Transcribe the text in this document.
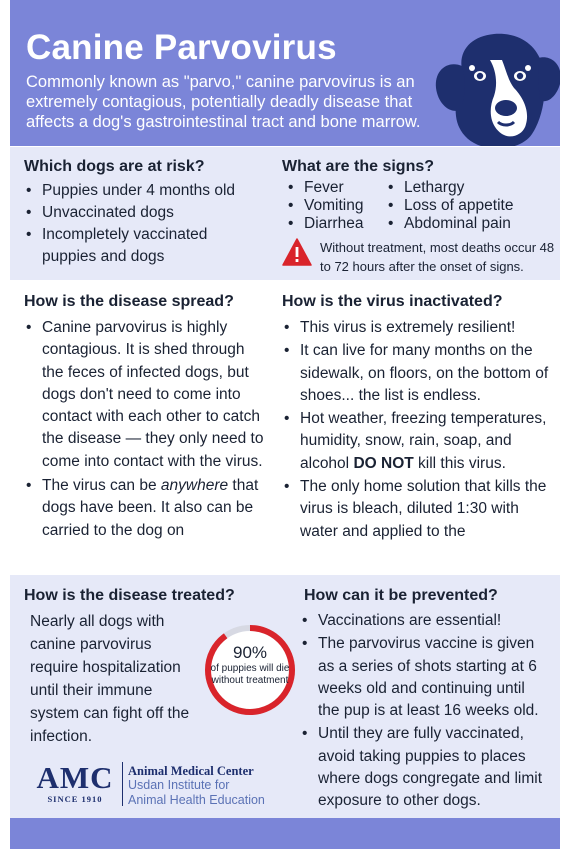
Canine Parvovirus

Commonly known as "parvo," canine parvovirus is an extremely contagious, potentially deadly disease that affects a dog's gastrointestinal tract and bone marrow.

Which dogs are at risk?
• Puppies under 4 months old
• Unvaccinated dogs
• Incompletely vaccinated puppies and dogs
What are the signs?
• Fever
• Vomiting
• Diarrhea
• Lethargy
• Loss of appetite
• Abdominal pain
Without treatment, most deaths occur 48 to 72 hours after the onset of signs.
How is the disease spread?
• Canine parvovirus is highly contagious. It is shed through the feces of infected dogs, but dogs don't need to come into contact with each other to catch the disease — they only need to come into contact with the virus.
• The virus can be anywhere that dogs have been. It also can be carried to the dog on
How is the virus inactivated?
• This virus is extremely resilient!
• It can live for many months on the sidewalk, on floors, on the bottom of shoes... the list is endless.
• Hot weather, freezing temperatures, humidity, snow, rain, soap, and alcohol DO NOT kill this virus.
• The only home solution that kills the virus is bleach, diluted 1:30 with water and applied to the
How is the disease treated?
Nearly all dogs with canine parvovirus require hospitalization until their immune system can fight off the infection.
90%
of puppies will die without treatment
How can it be prevented?
• Vaccinations are essential!
• The parvovirus vaccine is given as a series of shots starting at 6 weeks old and continuing until the pup is at least 16 weeks old.
• Until they are fully vaccinated, avoid taking puppies to places where dogs congregate and limit exposure to other dogs.
AMC
SINCE 1910
Animal Medical Center
Usdan Institute for Animal Health Education
